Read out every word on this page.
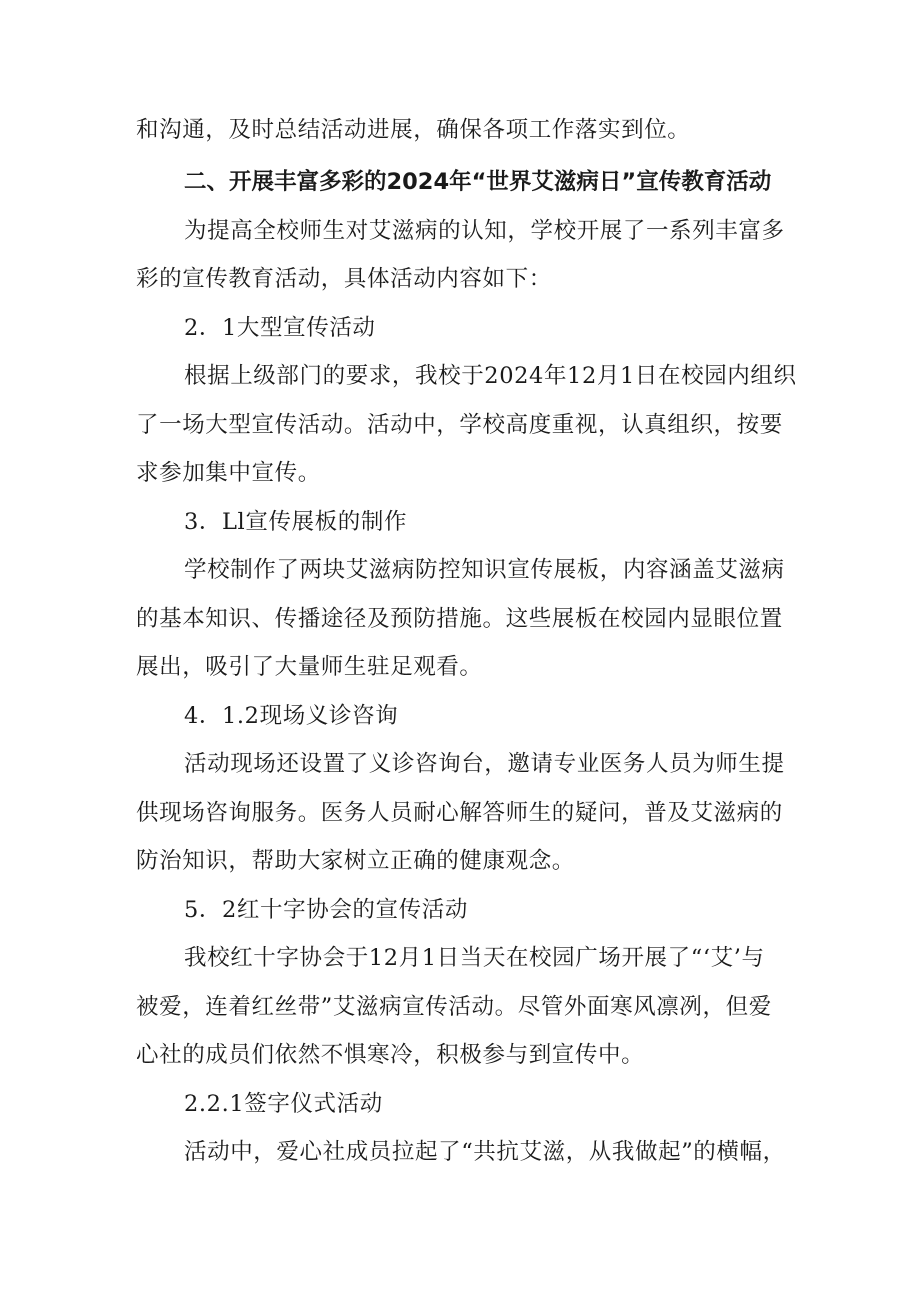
和沟通，及时总结活动进展，确保各项工作落实到位。
二、开展丰富多彩的2024年“世界艾滋病日”宣传教育活动
为提高全校师生对艾滋病的认知，学校开展了一系列丰富多
彩的宣传教育活动，具体活动内容如下：
2．1大型宣传活动
根据上级部门的要求，我校于2024年12月1日在校园内组织
了一场大型宣传活动。活动中，学校高度重视，认真组织，按要
求参加集中宣传。
3．Ll宣传展板的制作
学校制作了两块艾滋病防控知识宣传展板，内容涵盖艾滋病
的基本知识、传播途径及预防措施。这些展板在校园内显眼位置
展出，吸引了大量师生驻足观看。
4．1.2现场义诊咨询
活动现场还设置了义诊咨询台，邀请专业医务人员为师生提
供现场咨询服务。医务人员耐心解答师生的疑问，普及艾滋病的
防治知识，帮助大家树立正确的健康观念。
5．2红十字协会的宣传活动
我校红十字协会于12月1日当天在校园广场开展了“‘艾’与
被爱，连着红丝带”艾滋病宣传活动。尽管外面寒风凛冽，但爱
心社的成员们依然不惧寒冷，积极参与到宣传中。
2.2.1签字仪式活动
活动中，爱心社成员拉起了“共抗艾滋，从我做起”的横幅，
